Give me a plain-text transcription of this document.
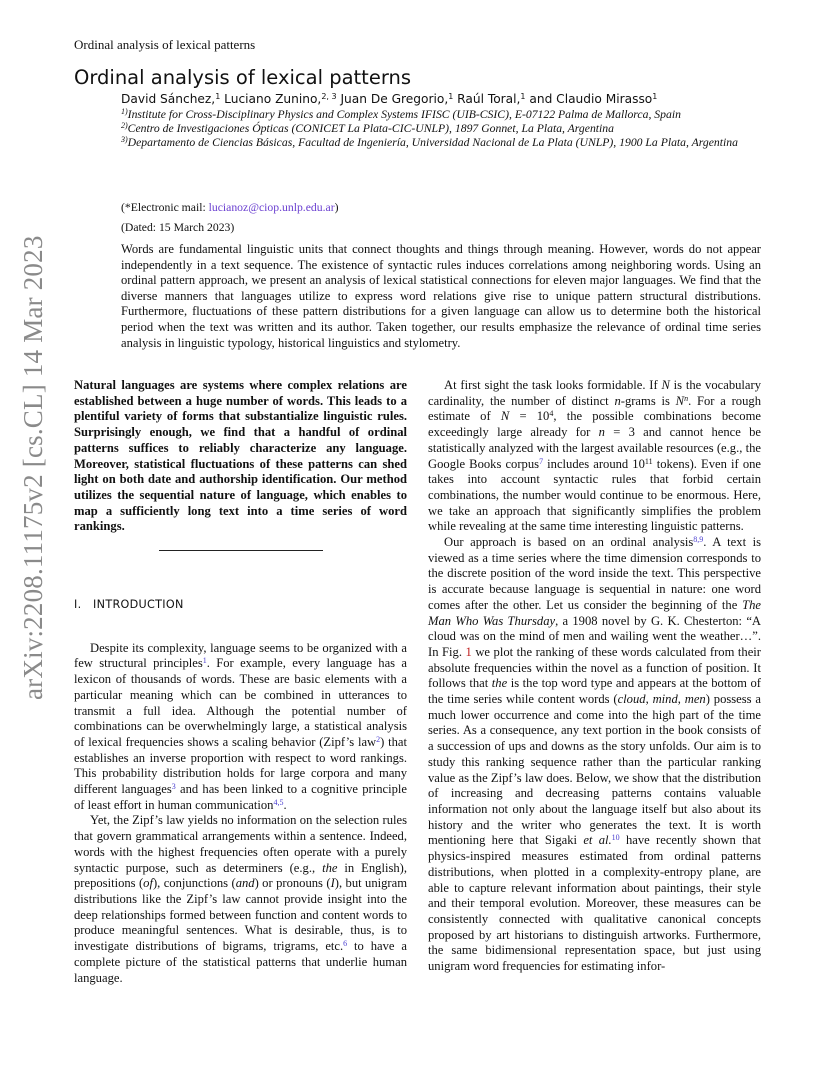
arXiv:2208.11175v2 [cs.CL] 14 Mar 2023
Ordinal analysis of lexical patterns
Ordinal analysis of lexical patterns
David Sánchez,$^1$ Luciano Zunino,$^{2, 3}$ Juan De Gregorio,$^1$ Raúl Toral,$^1$ and Claudio Mirasso$^1$
$^{1)}$Institute for Cross-Disciplinary Physics and Complex Systems IFISC (UIB-CSIC), E-07122 Palma de Mallorca, Spain
$^{2)}$Centro de Investigaciones Ópticas (CONICET La Plata-CIC-UNLP), 1897 Gonnet, La Plata, Argentina
$^{3)}$Departamento de Ciencias Básicas, Facultad de Ingeniería, Universidad Nacional de La Plata (UNLP), 1900 La Plata, Argentina
(*Electronic mail: lucianoz@ciop.unlp.edu.ar)
(Dated: 15 March 2023)

Words are fundamental linguistic units that connect thoughts and things through meaning. However, words do not appear independently in a text sequence. The existence of syntactic rules induces correlations among neighboring words. Using an ordinal pattern approach, we present an analysis of lexical statistical connections for eleven major languages. We find that the diverse manners that languages utilize to express word relations give rise to unique pattern structural distributions. Furthermore, fluctuations of these pattern distributions for a given language can allow us to determine both the historical period when the text was written and its author. Taken together, our results emphasize the relevance of ordinal time series analysis in linguistic typology, historical linguistics and stylometry.

Natural languages are systems where complex relations are established between a huge number of words. This leads to a plentiful variety of forms that substantialize linguistic rules. Surprisingly enough, we find that a handful of ordinal patterns suffices to reliably characterize any language. Moreover, statistical fluctuations of these patterns can shed light on both date and authorship identification. Our method utilizes the sequential nature of language, which enables to map a sufficiently long text into a time series of word rankings.

I. INTRODUCTION

Despite its complexity, language seems to be organized with a few structural principles$^1$. For example, every language has a lexicon of thousands of words. These are basic elements with a particular meaning which can be combined in utterances to transmit a full idea. Although the potential number of combinations can be overwhelmingly large, a statistical analysis of lexical frequencies shows a scaling behavior (Zipf’s law$^2$) that establishes an inverse proportion with respect to word rankings. This probability distribution holds for large corpora and many different languages$^3$ and has been linked to a cognitive principle of least effort in human communication$^{4,5}$.

Yet, the Zipf’s law yields no information on the selection rules that govern grammatical arrangements within a sentence. Indeed, words with the highest frequencies often operate with a purely syntactic purpose, such as determiners (e.g., the in English), prepositions (of), conjunctions (and) or pronouns (I), but unigram distributions like the Zipf’s law cannot provide insight into the deep relationships formed between function and content words to produce meaningful sentences. What is desirable, thus, is to investigate distributions of bigrams, trigrams, etc.$^6$ to have a complete picture of the statistical patterns that underlie human language.

At first sight the task looks formidable. If N is the vocabulary cardinality, the number of distinct n-grams is $N^n$. For a rough estimate of $N = 10^4$, the possible combinations become exceedingly large already for n = 3 and cannot hence be statistically analyzed with the largest available resources (e.g., the Google Books corpus$^7$ includes around $10^{11}$ tokens). Even if one takes into account syntactic rules that forbid certain combinations, the number would continue to be enormous. Here, we take an approach that significantly simplifies the problem while revealing at the same time interesting linguistic patterns.

Our approach is based on an ordinal analysis$^{8,9}$. A text is viewed as a time series where the time dimension corresponds to the discrete position of the word inside the text. This perspective is accurate because language is sequential in nature: one word comes after the other. Let us consider the beginning of the The Man Who Was Thursday, a 1908 novel by G. K. Chesterton: “A cloud was on the mind of men and wailing went the weather…”. In Fig. 1 we plot the ranking of these words calculated from their absolute frequencies within the novel as a function of position. It follows that the is the top word type and appears at the bottom of the time series while content words (cloud, mind, men) possess a much lower occurrence and come into the high part of the time series. As a consequence, any text portion in the book consists of a succession of ups and downs as the story unfolds. Our aim is to study this ranking sequence rather than the particular ranking value as the Zipf’s law does. Below, we show that the distribution of increasing and decreasing patterns contains valuable information not only about the language itself but also about its history and the writer who generates the text. It is worth mentioning here that Sigaki et al.$^{10}$ have recently shown that physics-inspired measures estimated from ordinal patterns distributions, when plotted in a complexity-entropy plane, are able to capture relevant information about paintings, their style and their temporal evolution. Moreover, these measures can be consistently connected with qualitative canonical concepts proposed by art historians to distinguish artworks. Furthermore, the same bidimensional representation space, but just using unigram word frequencies for estimating infor-
